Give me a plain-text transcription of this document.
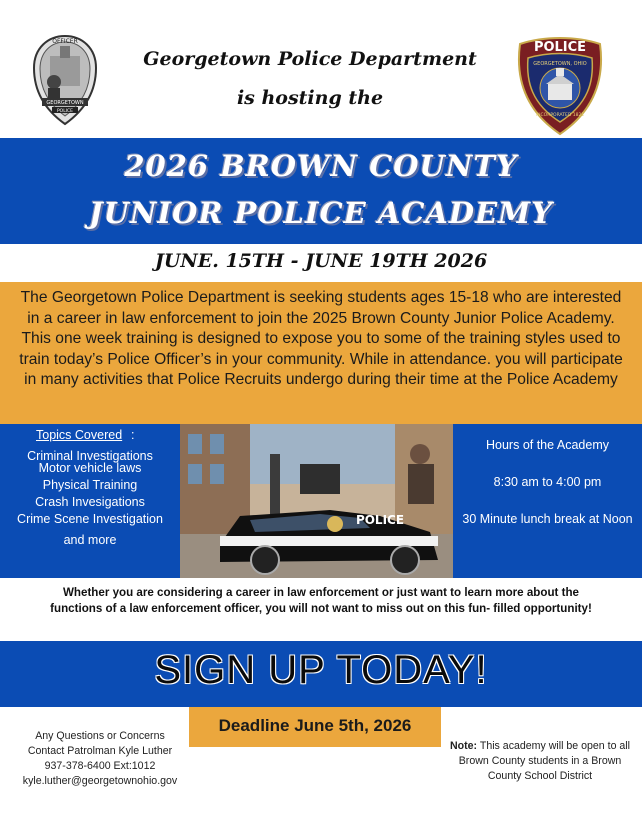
OFFICER
GEORGETOWN
POLICE
Georgetown Police Department
is hosting the
POLICE
GEORGETOWN, OHIO
INCORPORATED 1821
2026 BROWN COUNTY
JUNIOR POLICE ACADEMY
JUNE. 15TH - JUNE 19TH 2026
The Georgetown Police Department is seeking students ages 15-18 who are interested in a career in law enforcement to join the 2025 Brown County Junior Police Academy. This one week training is designed to expose you to some of the training styles used to train today’s Police Officer’s in your community. While in attendance. you will participate in many activities that Police Recruits undergo during their time at the Police Academy
Topics Covered :
Criminal Investigations
Motor vehicle laws
Physical Training
Crash Invesigations
Crime Scene Investigation
and more
POLICE
Village of GEORGETOWN
Hours of the Academy
8:30 am to 4:00 pm
30 Minute lunch break at Noon
Whether you are considering a career in law enforcement or just want to learn more about the functions of a law enforcement officer, you will not want to miss out on this fun- filled opportunity!
SIGN UP TODAY!
Deadline June 5th, 2026
Any Questions or Concerns
Contact Patrolman Kyle Luther
937-378-6400 Ext:1012
kyle.luther@georgetownohio.gov
Note: This academy will be open to all Brown County students in a Brown County School District
